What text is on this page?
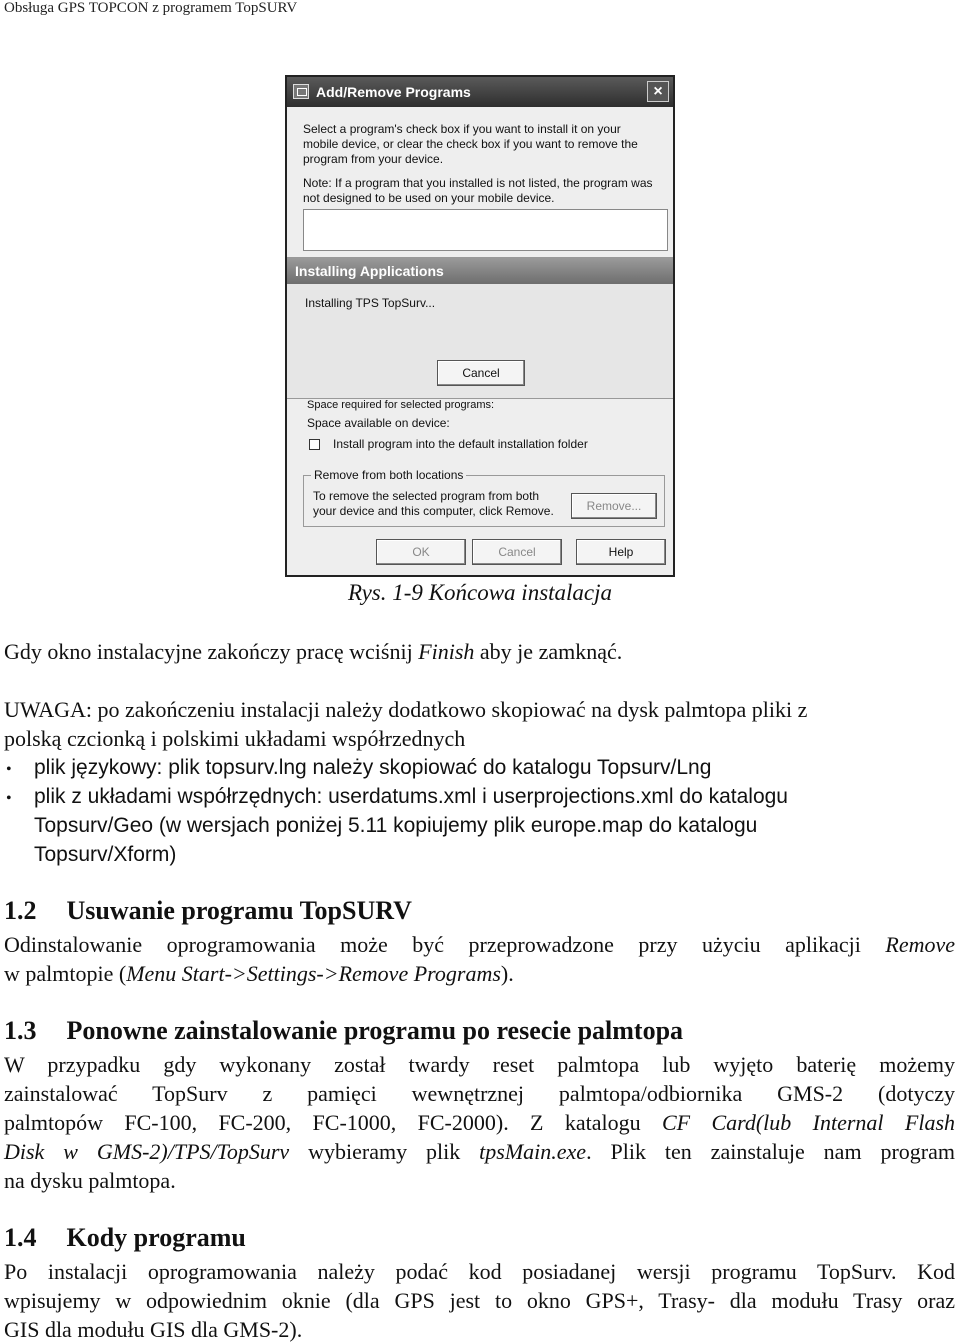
Obsługa GPS TOPCON z programem TopSURV
Add/Remove Programs	×
Select a program's check box if you want to install it on your
mobile device, or clear the check box if you want to remove the
program from your device.
Note: If a program that you installed is not listed, the program was
not designed to be used on your mobile device.
Installing Applications
Installing TPS TopSurv...
Cancel
Space required for selected programs:
Space available on device:
Install program into the default installation folder
Remove from both locations
To remove the selected program from both
your device and this computer, click Remove.	Remove...
OK	Cancel	Help
Rys. 1-9 Końcowa instalacja
Gdy okno instalacyjne zakończy pracę wciśnij Finish aby je zamknąć.
UWAGA: po zakończeniu instalacji należy dodatkowo skopiować na dysk palmtopa pliki z
polską czcionką i polskimi układami współrzednych
• plik językowy: plik topsurv.lng należy skopiować do katalogu Topsurv/Lng
• plik z układami współrzędnych: userdatums.xml i userprojections.xml do katalogu
Topsurv/Geo (w wersjach poniżej 5.11 kopiujemy plik europe.map do katalogu
Topsurv/Xform)
1.2 Usuwanie programu TopSURV
Odinstalowanie oprogramowania może być przeprowadzone przy użyciu aplikacji Remove
w palmtopie (Menu Start->Settings->Remove Programs).
1.3 Ponowne zainstalowanie programu po resecie palmtopa
W przypadku gdy wykonany został twardy reset palmtopa lub wyjęto baterię możemy
zainstalować TopSurv z pamięci wewnętrznej palmtopa/odbiornika GMS-2 (dotyczy
palmtopów FC-100, FC-200, FC-1000, FC-2000). Z katalogu CF Card(lub Internal Flash
Disk w GMS-2)/TPS/TopSurv wybieramy plik tpsMain.exe. Plik ten zainstaluje nam program
na dysku palmtopa.
1.4 Kody programu
Po instalacji oprogramowania należy podać kod posiadanej wersji programu TopSurv. Kod
wpisujemy w odpowiednim oknie (dla GPS jest to okno GPS+, Trasy- dla modułu Trasy oraz
GIS dla modułu GIS dla GMS-2).
